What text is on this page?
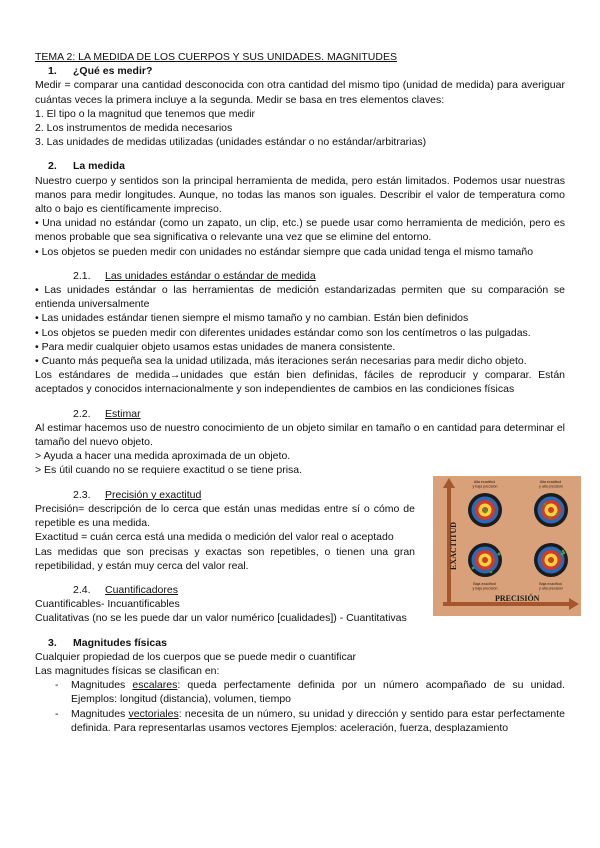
TEMA 2: LA MEDIDA DE LOS CUERPOS Y SUS UNIDADES. MAGNITUDES
1. ¿Qué es medir?
Medir = comparar una cantidad desconocida con otra cantidad del mismo tipo (unidad de medida) para averiguar cuántas veces la primera incluye a la segunda. Medir se basa en tres elementos claves:
1. El tipo o la magnitud que tenemos que medir
2. Los instrumentos de medida necesarios
3. Las unidades de medidas utilizadas (unidades estándar o no estándar/arbitrarias)
2. La medida
Nuestro cuerpo y sentidos son la principal herramienta de medida, pero están limitados. Podemos usar nuestras manos para medir longitudes. Aunque, no todas las manos son iguales. Describir el valor de temperatura como alto o bajo es científicamente impreciso.
• Una unidad no estándar (como un zapato, un clip, etc.) se puede usar como herramienta de medición, pero es menos probable que sea significativa o relevante una vez que se elimine del entorno.
• Los objetos se pueden medir con unidades no estándar siempre que cada unidad tenga el mismo tamaño
2.1. Las unidades estándar o estándar de medida
• Las unidades estándar o las herramientas de medición estandarizadas permiten que su comparación se entienda universalmente
• Las unidades estándar tienen siempre el mismo tamaño y no cambian. Están bien definidos
• Los objetos se pueden medir con diferentes unidades estándar como son los centímetros o las pulgadas.
• Para medir cualquier objeto usamos estas unidades de manera consistente.
• Cuanto más pequeña sea la unidad utilizada, más iteraciones serán necesarias para medir dicho objeto.
Los estándares de medida→unidades que están bien definidas, fáciles de reproducir y comparar. Están aceptados y conocidos internacionalmente y son independientes de cambios en las condiciones físicas
2.2. Estimar
Al estimar hacemos uso de nuestro conocimiento de un objeto similar en tamaño o en cantidad para determinar el tamaño del nuevo objeto.
> Ayuda a hacer una medida aproximada de un objeto.
> Es útil cuando no se requiere exactitud o se tiene prisa.
2.3. Precisión y exactitud
Precisión= descripción de lo cerca que están unas medidas entre sí o cómo de repetible es una medida.
Exactitud = cuán cerca está una medida o medición del valor real o aceptado
Las medidas que son precisas y exactas son repetibles, o tienen una gran repetibilidad, y están muy cerca del valor real.
2.4. Cuantificadores
Cuantificables- Incuantificables
Cualitativas (no se les puede dar un valor numérico [cualidades]) - Cuantitativas
3. Magnitudes físicas
Cualquier propiedad de los cuerpos que se puede medir o cuantificar
Las magnitudes físicas se clasifican en:
- Magnitudes escalares: queda perfectamente definida por un número acompañado de su unidad. Ejemplos: longitud (distancia), volumen, tiempo
- Magnitudes vectoriales: necesita de un número, su unidad y dirección y sentido para estar perfectamente definida. Para representarlas usamos vectores Ejemplos: aceleración, fuerza, desplazamiento
EXACTITUD
PRECISIÓN
Alta exactitud y baja precisión
Alta exactitud y alta precisión
Baja exactitud y baja precisión
Baja exactitud y alta precisión
